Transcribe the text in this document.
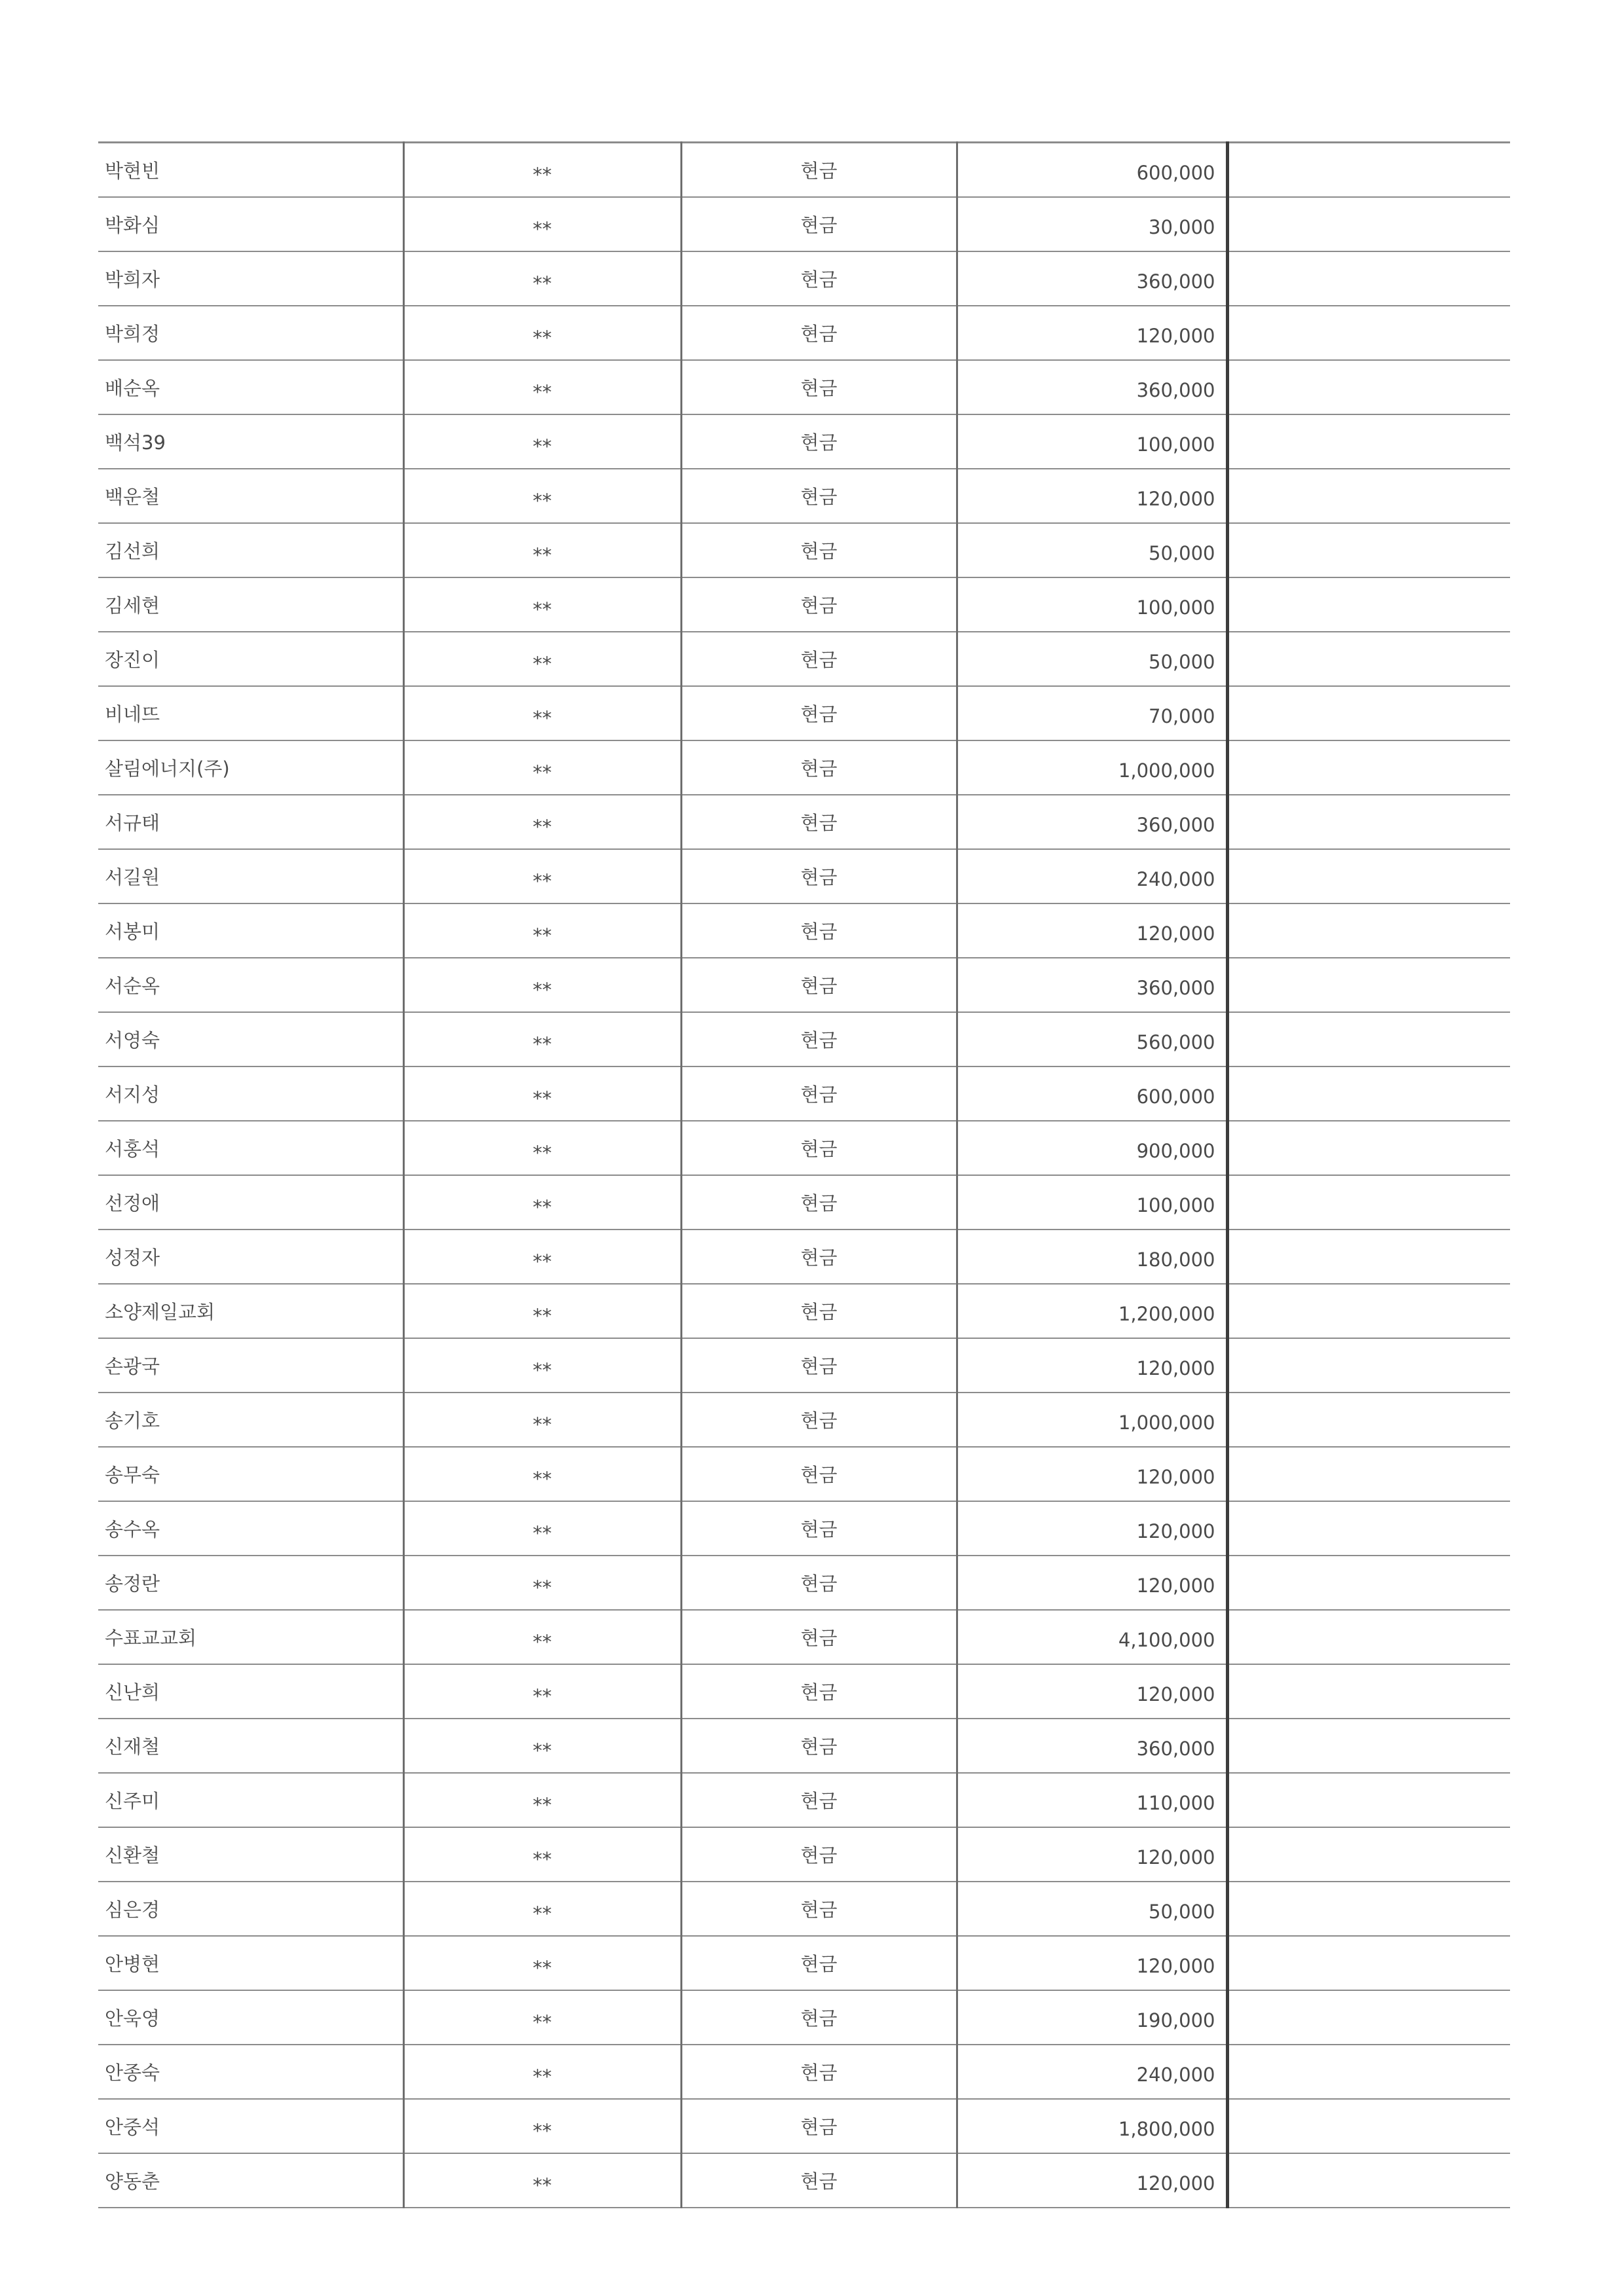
박현빈	**	현금	600,000	
박화심	**	현금	30,000	
박희자	**	현금	360,000	
박희정	**	현금	120,000	
배순옥	**	현금	360,000	
백석39	**	현금	100,000	
백운철	**	현금	120,000	
김선희	**	현금	50,000	
김세현	**	현금	100,000	
장진이	**	현금	50,000	
비네뜨	**	현금	70,000	
살림에너지(주)	**	현금	1,000,000	
서규태	**	현금	360,000	
서길원	**	현금	240,000	
서봉미	**	현금	120,000	
서순옥	**	현금	360,000	
서영숙	**	현금	560,000	
서지성	**	현금	600,000	
서홍석	**	현금	900,000	
선정애	**	현금	100,000	
성정자	**	현금	180,000	
소양제일교회	**	현금	1,200,000	
손광국	**	현금	120,000	
송기호	**	현금	1,000,000	
송무숙	**	현금	120,000	
송수옥	**	현금	120,000	
송정란	**	현금	120,000	
수표교교회	**	현금	4,100,000	
신난희	**	현금	120,000	
신재철	**	현금	360,000	
신주미	**	현금	110,000	
신환철	**	현금	120,000	
심은경	**	현금	50,000	
안병현	**	현금	120,000	
안욱영	**	현금	190,000	
안종숙	**	현금	240,000	
안중석	**	현금	1,800,000	
양동춘	**	현금	120,000	
